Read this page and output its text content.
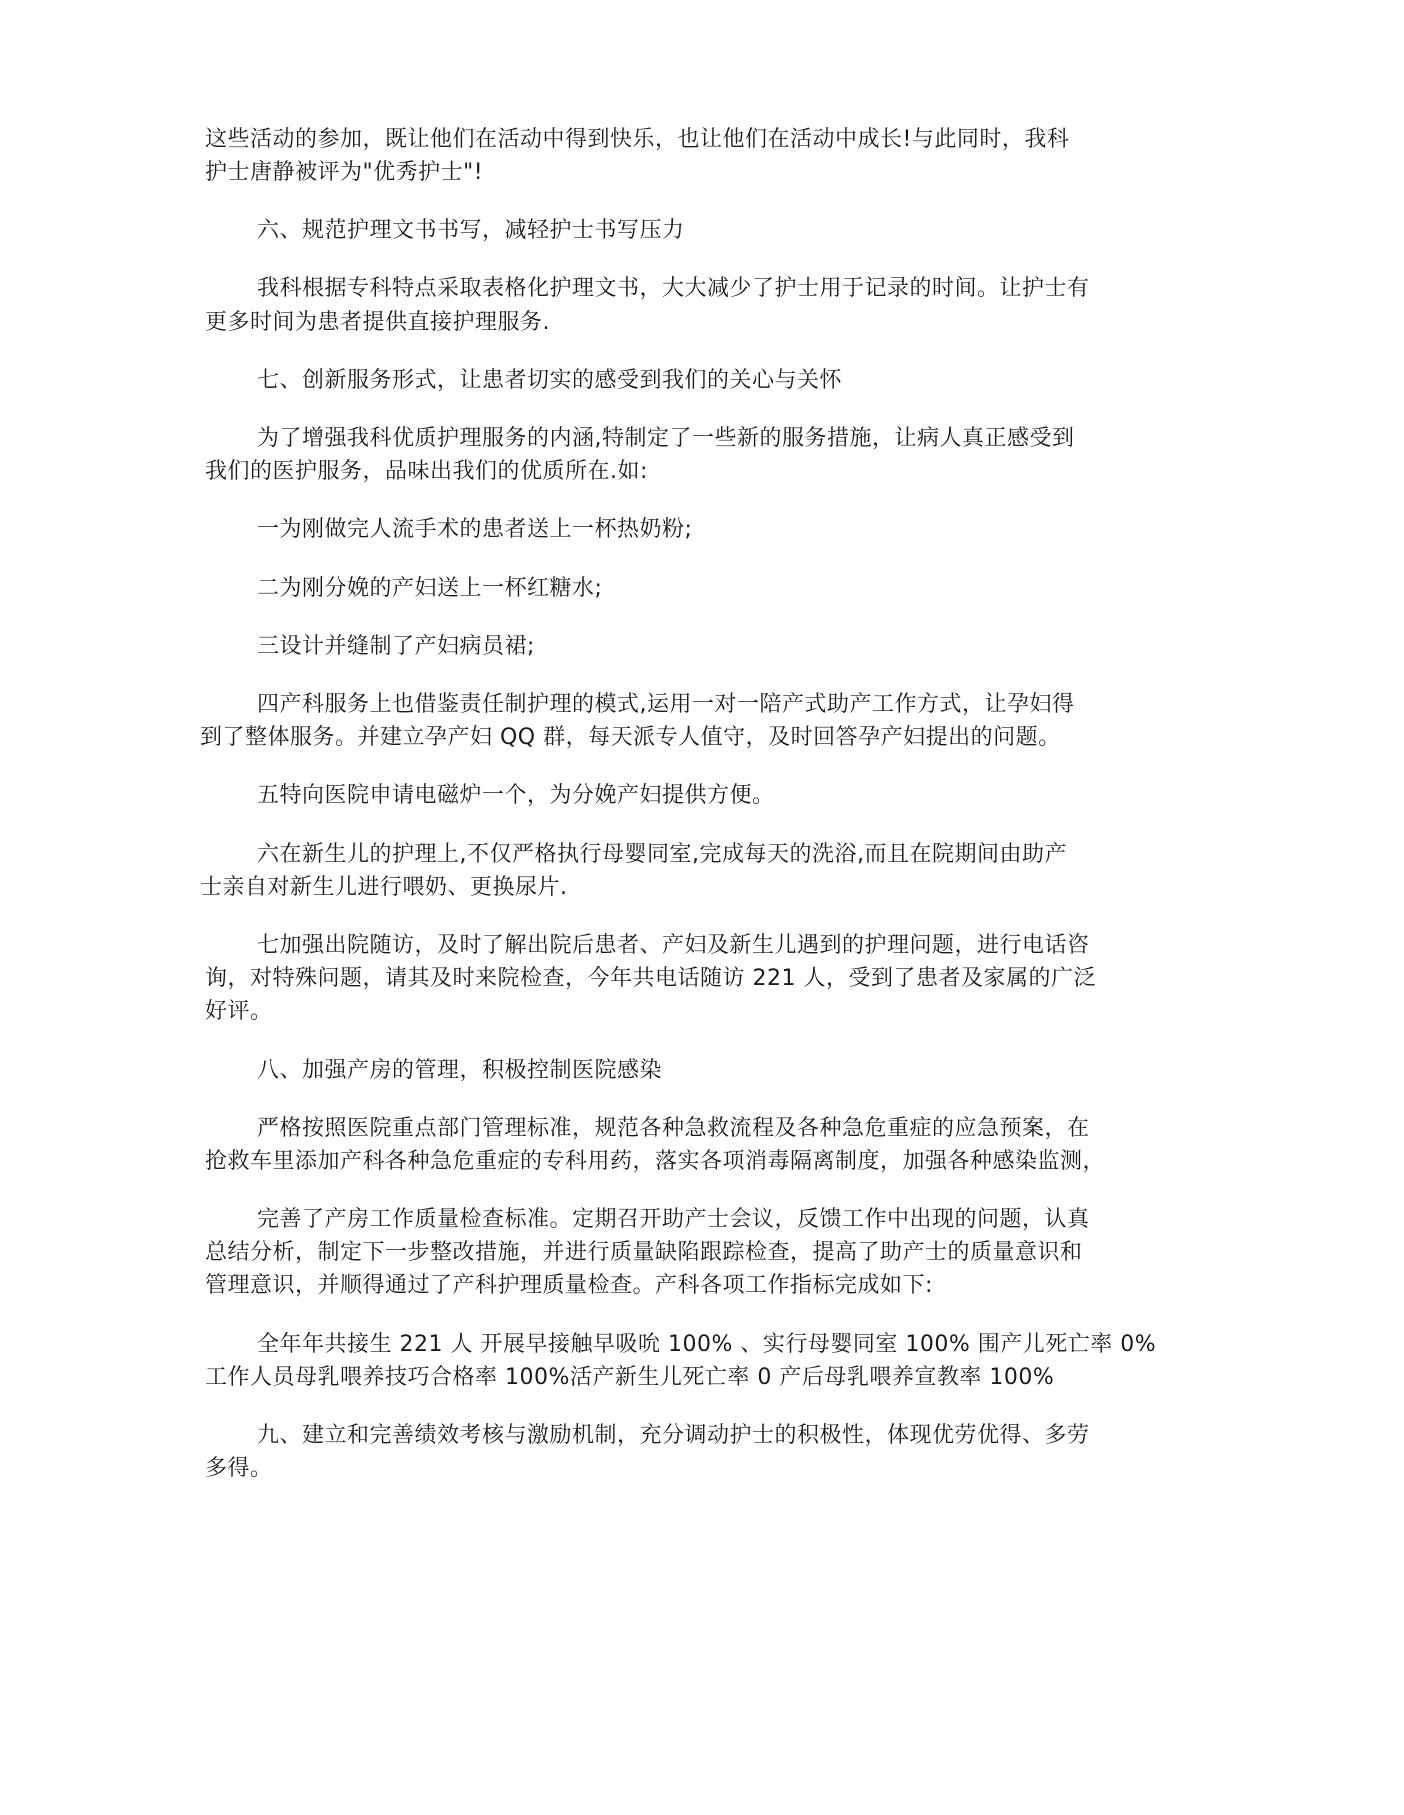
这些活动的参加，既让他们在活动中得到快乐，也让他们在活动中成长!与此同时，我科
护士唐静被评为"优秀护士"!
六、规范护理文书书写，减轻护士书写压力
我科根据专科特点采取表格化护理文书，大大减少了护士用于记录的时间。让护士有
更多时间为患者提供直接护理服务.
七、创新服务形式，让患者切实的感受到我们的关心与关怀
为了增强我科优质护理服务的内涵,特制定了一些新的服务措施，让病人真正感受到
我们的医护服务，品味出我们的优质所在.如:
一为刚做完人流手术的患者送上一杯热奶粉;
二为刚分娩的产妇送上一杯红糖水;
三设计并缝制了产妇病员裙;
四产科服务上也借鉴责任制护理的模式,运用一对一陪产式助产工作方式，让孕妇得
到了整体服务。并建立孕产妇 QQ 群，每天派专人值守，及时回答孕产妇提出的问题。
五特向医院申请电磁炉一个，为分娩产妇提供方便。
六在新生儿的护理上,不仅严格执行母婴同室,完成每天的洗浴,而且在院期间由助产
士亲自对新生儿进行喂奶、更换尿片.
七加强出院随访，及时了解出院后患者、产妇及新生儿遇到的护理问题，进行电话咨
询，对特殊问题，请其及时来院检查，今年共电话随访 221 人，受到了患者及家属的广泛
好评。
八、加强产房的管理，积极控制医院感染
严格按照医院重点部门管理标准，规范各种急救流程及各种急危重症的应急预案，在
抢救车里添加产科各种急危重症的专科用药，落实各项消毒隔离制度，加强各种感染监测，
完善了产房工作质量检查标准。定期召开助产士会议，反馈工作中出现的问题，认真
总结分析，制定下一步整改措施，并进行质量缺陷跟踪检查，提高了助产士的质量意识和
管理意识，并顺得通过了产科护理质量检查。产科各项工作指标完成如下:
全年年共接生 221 人 开展早接触早吸吮 100% 、实行母婴同室 100% 围产儿死亡率 0%
工作人员母乳喂养技巧合格率 100%活产新生儿死亡率 0 产后母乳喂养宣教率 100%
九、建立和完善绩效考核与激励机制，充分调动护士的积极性，体现优劳优得、多劳
多得。
